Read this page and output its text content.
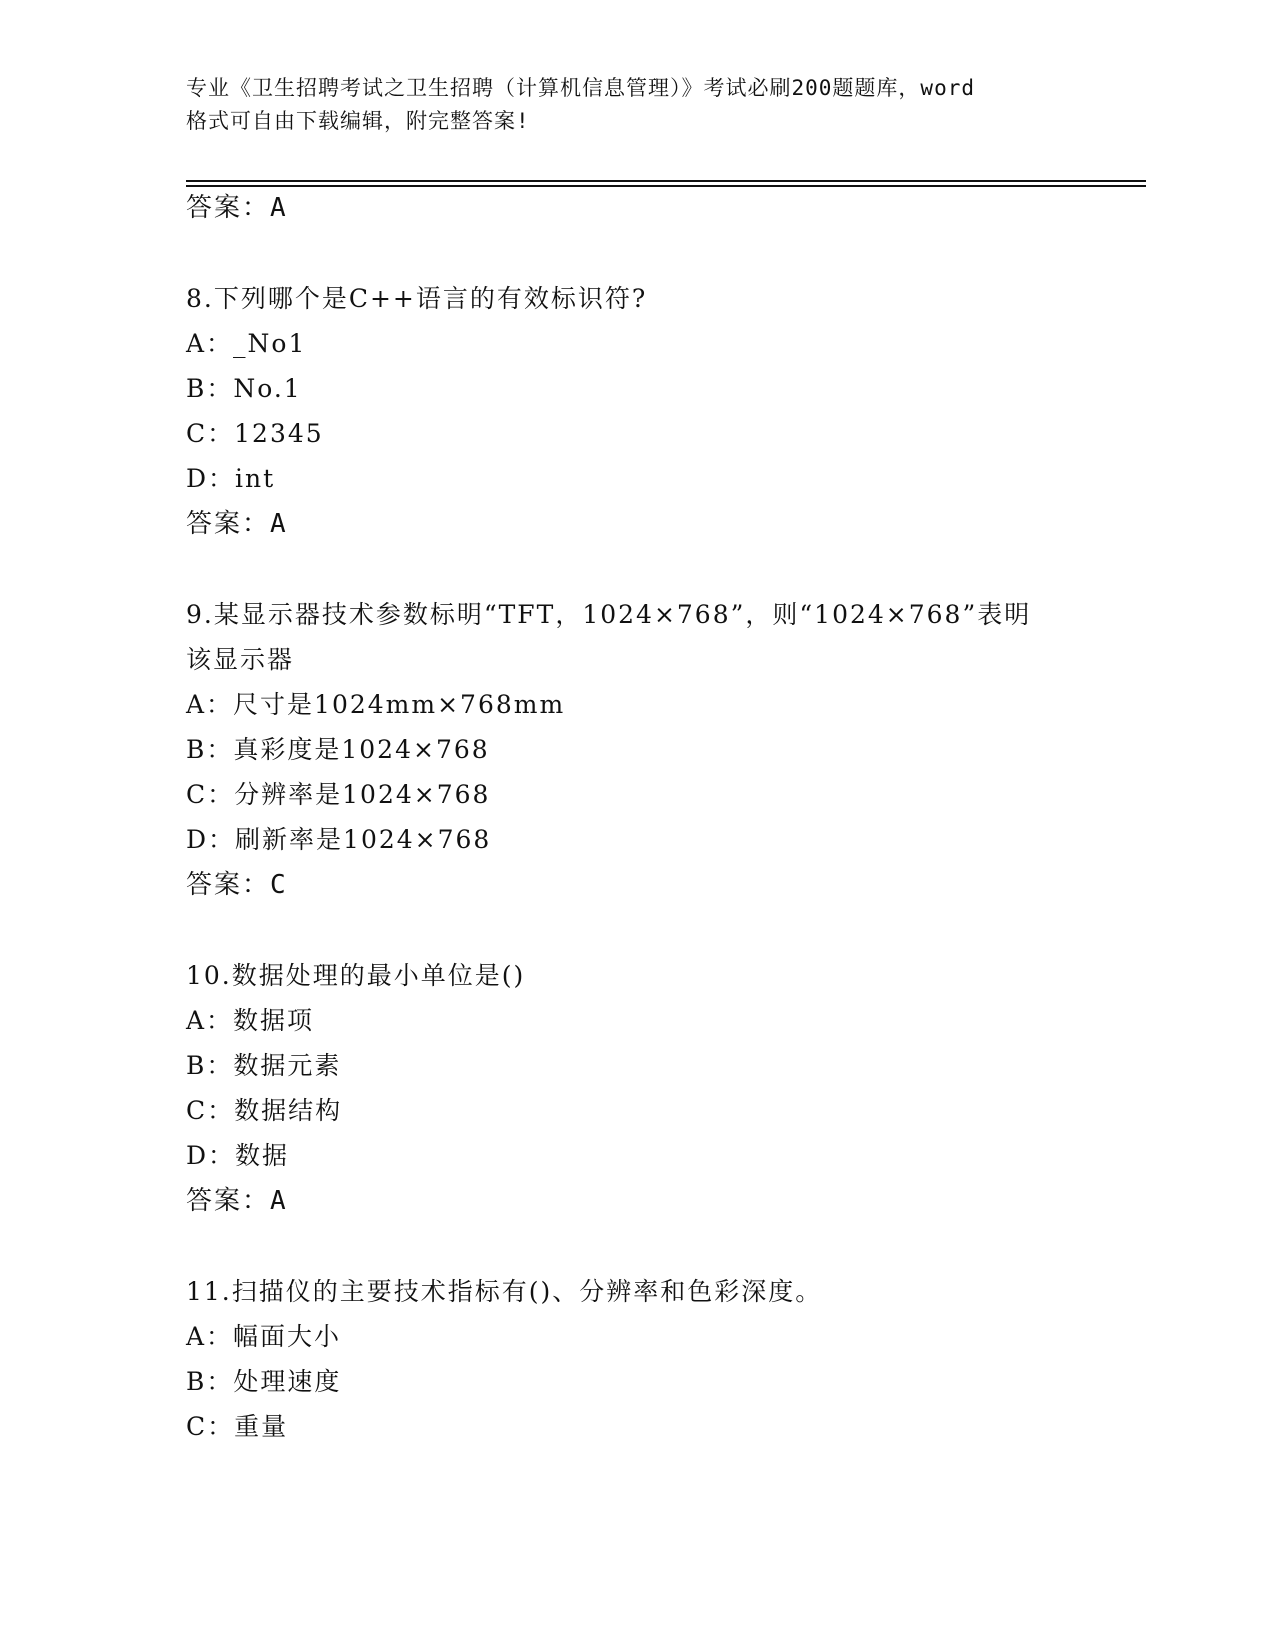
专业《卫生招聘考试之卫生招聘（计算机信息管理）》考试必刷200题题库，word
格式可自由下载编辑，附完整答案!
答案：A
8.下列哪个是C++语言的有效标识符?
A：_No1
B：No.1
C：12345
D：int
答案：A
9.某显示器技术参数标明“TFT，1024×768”，则“1024×768”表明
该显示器
A：尺寸是1024mm×768mm
B：真彩度是1024×768
C：分辨率是1024×768
D：刷新率是1024×768
答案：C
10.数据处理的最小单位是()
A：数据项
B：数据元素
C：数据结构
D：数据
答案：A
11.扫描仪的主要技术指标有()、分辨率和色彩深度。
A：幅面大小
B：处理速度
C：重量
